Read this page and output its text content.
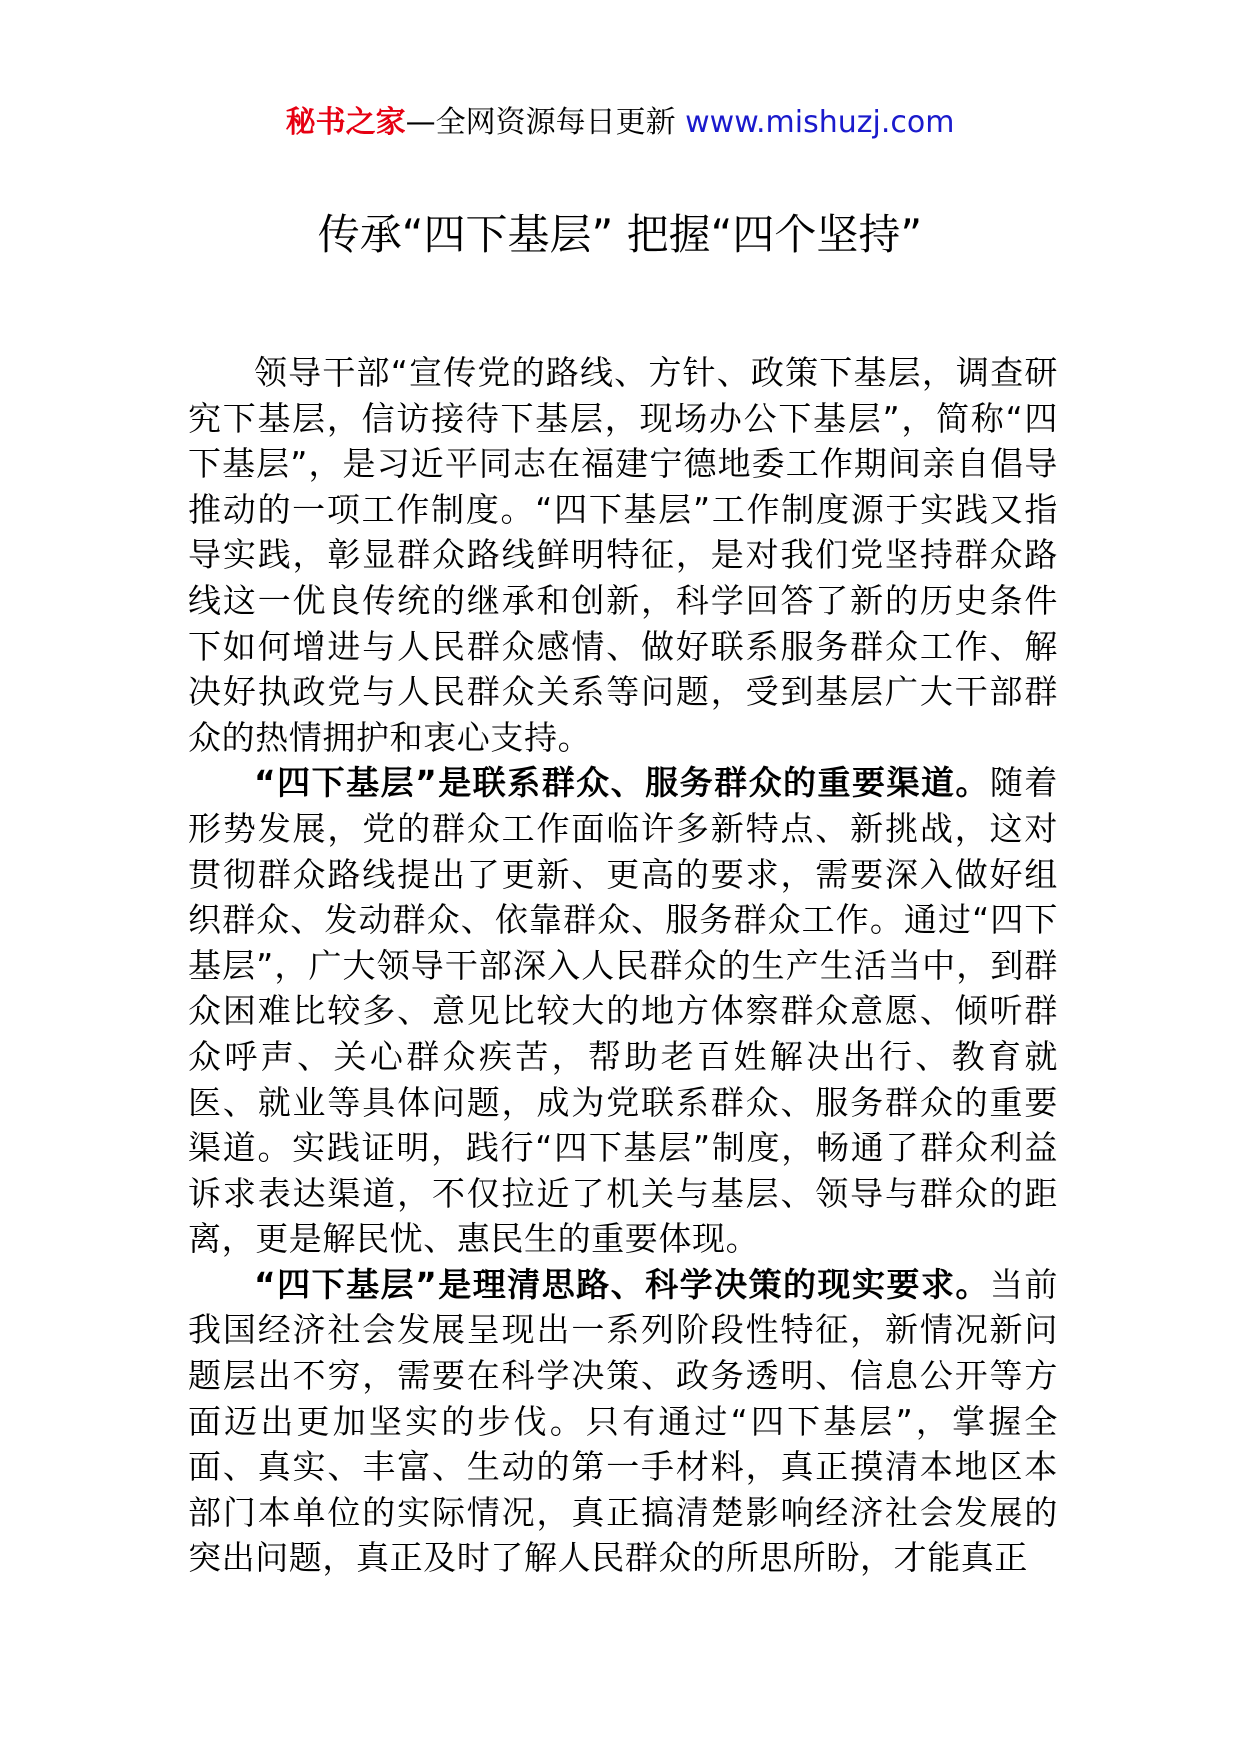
秘书之家—全网资源每日更新 www.mishuzj.com
传承“四下基层” 把握“四个坚持”

领导干部“宣传党的路线、方针、政策下基层，调查研究下基层，信访接待下基层，现场办公下基层”，简称“四下基层”，是习近平同志在福建宁德地委工作期间亲自倡导推动的一项工作制度。“四下基层”工作制度源于实践又指导实践，彰显群众路线鲜明特征，是对我们党坚持群众路线这一优良传统的继承和创新，科学回答了新的历史条件下如何增进与人民群众感情、做好联系服务群众工作、解决好执政党与人民群众关系等问题，受到基层广大干部群众的热情拥护和衷心支持。

“四下基层”是联系群众、服务群众的重要渠道。随着形势发展，党的群众工作面临许多新特点、新挑战，这对贯彻群众路线提出了更新、更高的要求，需要深入做好组织群众、发动群众、依靠群众、服务群众工作。通过“四下基层”，广大领导干部深入人民群众的生产生活当中，到群众困难比较多、意见比较大的地方体察群众意愿、倾听群众呼声、关心群众疾苦，帮助老百姓解决出行、教育就医、就业等具体问题，成为党联系群众、服务群众的重要渠道。实践证明，践行“四下基层”制度，畅通了群众利益诉求表达渠道，不仅拉近了机关与基层、领导与群众的距离，更是解民忧、惠民生的重要体现。

“四下基层”是理清思路、科学决策的现实要求。当前我国经济社会发展呈现出一系列阶段性特征，新情况新问题层出不穷，需要在科学决策、政务透明、信息公开等方面迈出更加坚实的步伐。只有通过“四下基层”，掌握全面、真实、丰富、生动的第一手材料，真正摸清本地区本部门本单位的实际情况，真正搞清楚影响经济社会发展的突出问题，真正及时了解人民群众的所思所盼，才能真正
